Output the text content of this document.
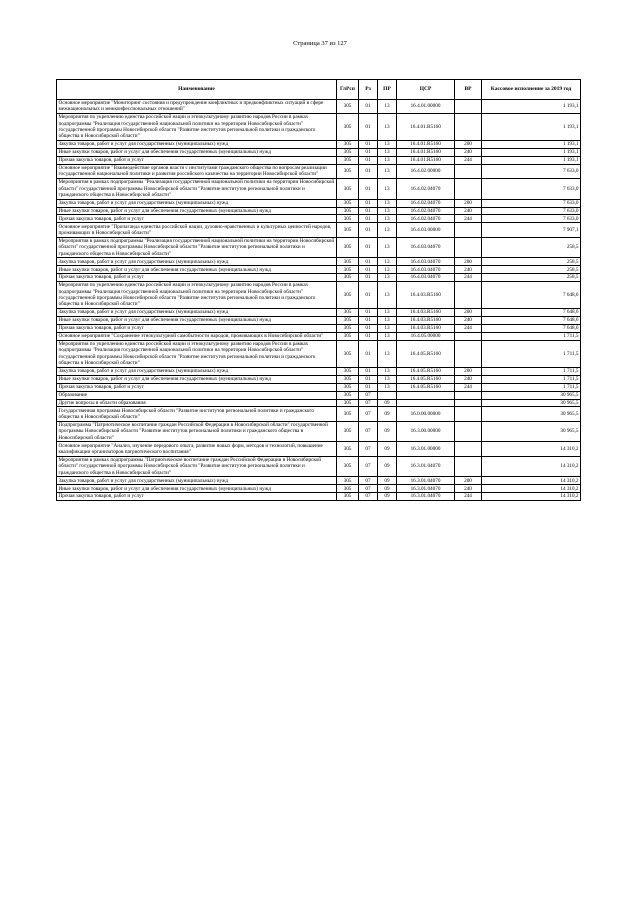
Страница 37 из 127
Наименование	ГлРсп	Рз	ПР	ЦСР	ВР	Кассовое исполнение за 2019 год
Основное мероприятие "Мониторинг состояния и предупреждение конфликтных и предконфликтных ситуаций в сфере межнациональных и межконфессиональных отношений"	305	01	13	16.4.01.00000		1 193,1
Мероприятия по укреплению единства российской нации и этнокультурному развитию народов России в рамках подпрограммы "Реализация государственной национальной политики на территории Новосибирской области" государственной программы Новосибирской области "Развитие институтов региональной политики и гражданского общества в Новосибирской области"	305	01	13	16.4.01.R5160		1 193,1
Закупка товаров, работ и услуг для государственных (муниципальных) нужд	305	01	13	16.4.01.R5160	200	1 193,1
Иные закупки товаров, работ и услуг для обеспечения государственных (муниципальных) нужд	305	01	13	16.4.01.R5160	240	1 193,1
Прочая закупка товаров, работ и услуг	305	01	13	16.4.01.R5160	244	1 193,1
Основное мероприятие "Взаимодействие органов власти с институтами гражданского общества по вопросам реализации государственной национальной политики и развития российского казачества на территории Новосибирской области"	305	01	13	16.4.02.00000		7 633,0
Мероприятия в рамках подпрограммы "Реализация государственной национальной политики на территории Новосибирской области" государственной программы Новосибирской области "Развитие институтов региональной политики и гражданского общества в Новосибирской области"	305	01	13	16.4.02.04070		7 633,0
Закупка товаров, работ и услуг для государственных (муниципальных) нужд	305	01	13	16.4.02.04070	200	7 633,0
Иные закупки товаров, работ и услуг для обеспечения государственных (муниципальных) нужд	305	01	13	16.4.02.04070	240	7 633,0
Прочая закупка товаров, работ и услуг	305	01	13	16.4.02.04070	244	7 633,0
Основное мероприятие "Пропаганда единства российской нации, духовно-нравственных и культурных ценностей народов, проживающих в Новосибирской области"	305	01	13	16.4.03.00000		7 907,1
Мероприятия в рамках подпрограммы "Реализация государственной национальной политики на территории Новосибирской области" государственной программы Новосибирской области "Развитие институтов региональной политики и гражданского общества в Новосибирской области"	305	01	13	16.4.03.04070		258,5
Закупка товаров, работ и услуг для государственных (муниципальных) нужд	305	01	13	16.4.03.04070	200	258,5
Иные закупки товаров, работ и услуг для обеспечения государственных (муниципальных) нужд	305	01	13	16.4.03.04070	240	258,5
Прочая закупка товаров, работ и услуг	305	01	13	16.4.03.04070	244	258,5
Мероприятия по укреплению единства российской нации и этнокультурному развитию народов России в рамках подпрограммы "Реализация государственной национальной политики на территории Новосибирской области" государственной программы Новосибирской области "Развитие институтов региональной политики и гражданского общества в Новосибирской области"	305	01	13	16.4.03.R5160		7 648,6
Закупка товаров, работ и услуг для государственных (муниципальных) нужд	305	01	13	16.4.03.R5160	200	7 648,6
Иные закупки товаров, работ и услуг для обеспечения государственных (муниципальных) нужд	305	01	13	16.4.03.R5160	240	7 648,6
Прочая закупка товаров, работ и услуг	305	01	13	16.4.03.R5160	244	7 648,6
Основное мероприятие "Сохранение этнокультурной самобытности народов, проживающих в Новосибирской области"	305	01	13	16.4.05.00000		1 711,5
Мероприятия по укреплению единства российской нации и этнокультурному развитию народов России в рамках подпрограммы "Реализация государственной национальной политики на территории Новосибирской области" государственной программы Новосибирской области "Развитие институтов региональной политики и гражданского общества в Новосибирской области"	305	01	13	16.4.05.R5160		1 711,5
Закупка товаров, работ и услуг для государственных (муниципальных) нужд	305	01	13	16.4.05.R5160	200	1 711,5
Иные закупки товаров, работ и услуг для обеспечения государственных (муниципальных) нужд	305	01	13	16.4.05.R5160	240	1 711,5
Прочая закупка товаров, работ и услуг	305	01	13	16.4.05.R5160	244	1 711,5
Образование	305	07				30 965,5
Другие вопросы в области образования	305	07	09			30 965,5
Государственная программа Новосибирской области "Развитие институтов региональной политики и гражданского общества в Новосибирской области"	305	07	09	16.0.00.00000		30 965,5
Подпрограмма "Патриотическое воспитание граждан Российской Федерации в Новосибирской области" государственной программы Новосибирской области "Развитие институтов региональной политики и гражданского общества в Новосибирской области"	305	07	09	16.3.00.00000		30 965,5
Основное мероприятие "Анализ, изучение передового опыта, развитие новых форм, методов и технологий, повышение квалификации организаторов патриотического воспитания"	305	07	09	16.3.01.00000		14 310,2
Мероприятия в рамках подпрограммы "Патриотическое воспитание граждан Российской Федерации в Новосибирской области" государственной программы Новосибирской области "Развитие институтов региональной политики и гражданского общества в Новосибирской области"	305	07	09	16.3.01.04070		14 310,2
Закупка товаров, работ и услуг для государственных (муниципальных) нужд	305	07	09	16.3.01.04070	200	14 310,2
Иные закупки товаров, работ и услуг для обеспечения государственных (муниципальных) нужд	305	07	09	16.3.01.04070	240	14 310,2
Прочая закупка товаров, работ и услуг	305	07	09	16.3.01.04070	244	14 310,2
